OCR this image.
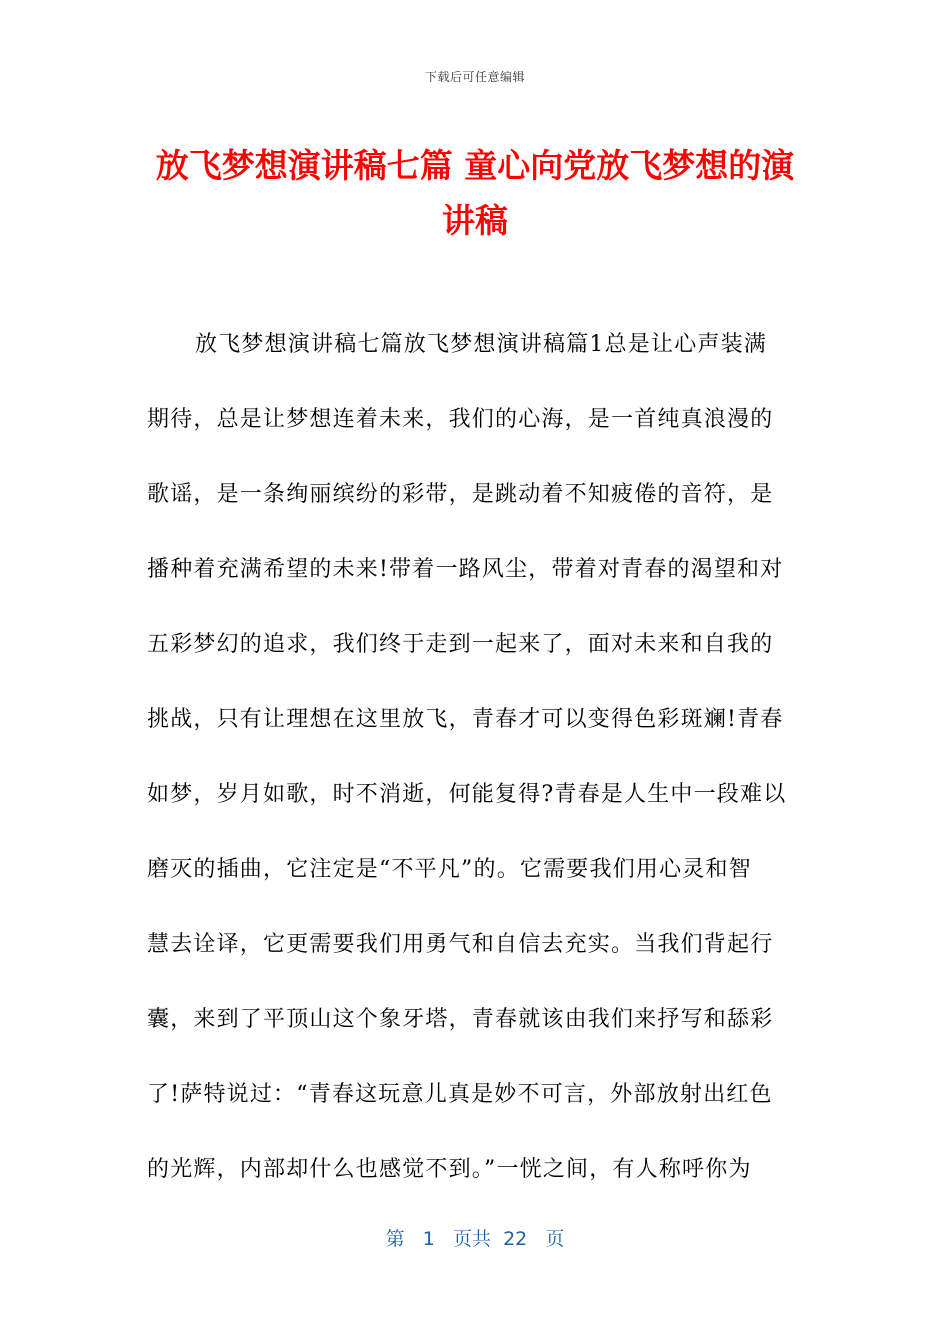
下载后可任意编辑
放飞梦想演讲稿七篇 童心向党放飞梦想的演
讲稿
放飞梦想演讲稿七篇放飞梦想演讲稿篇1总是让心声装满
期待，总是让梦想连着未来，我们的心海，是一首纯真浪漫的
歌谣，是一条绚丽缤纷的彩带，是跳动着不知疲倦的音符，是
播种着充满希望的未来!带着一路风尘，带着对青春的渴望和对
五彩梦幻的追求，我们终于走到一起来了，面对未来和自我的
挑战，只有让理想在这里放飞，青春才可以变得色彩斑斓!青春
如梦，岁月如歌，时不消逝，何能复得?青春是人生中一段难以
磨灭的插曲，它注定是“不平凡”的。它需要我们用心灵和智
慧去诠译，它更需要我们用勇气和自信去充实。当我们背起行
囊，来到了平顶山这个象牙塔，青春就该由我们来抒写和舔彩
了!萨特说过：“青春这玩意儿真是妙不可言，外部放射出红色
的光辉，内部却什么也感觉不到。”一恍之间，有人称呼你为
第 1 页共 22 页
